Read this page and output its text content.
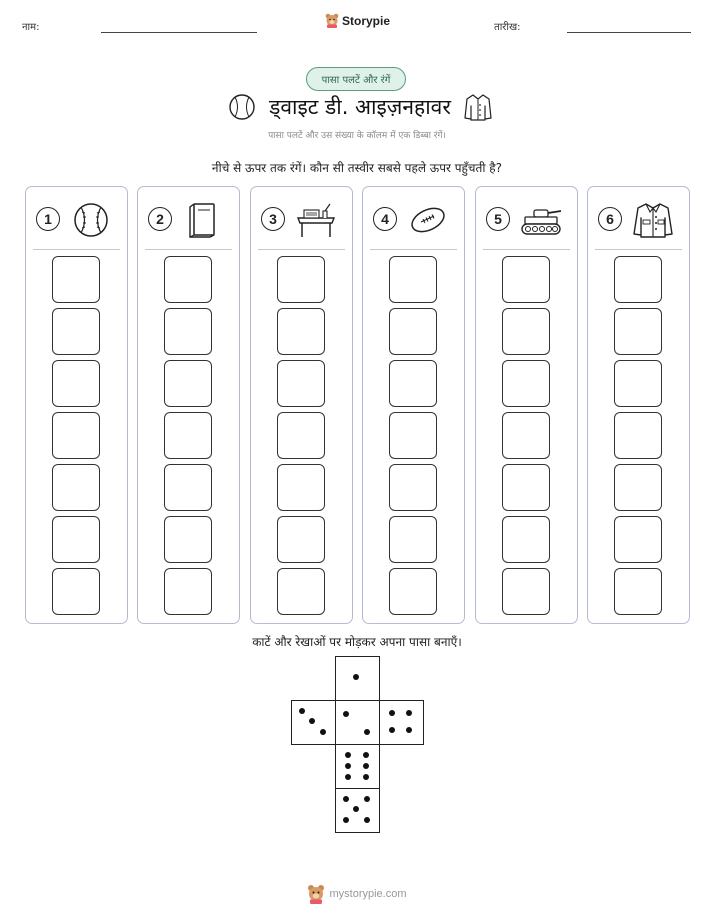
नाम:	Storypie	तारीख:
पासा पलटें और रंगें
ड्वाइट डी. आइज़नहावर
पासा पलटें और उस संख्या के कॉलम में एक डिब्बा रंगें।
नीचे से ऊपर तक रंगें। कौन सी तस्वीर सबसे पहले ऊपर पहुँचती है?
1	2	3	4	5	6
काटें और रेखाओं पर मोड़कर अपना पासा बनाएँ।
mystorypie.com
